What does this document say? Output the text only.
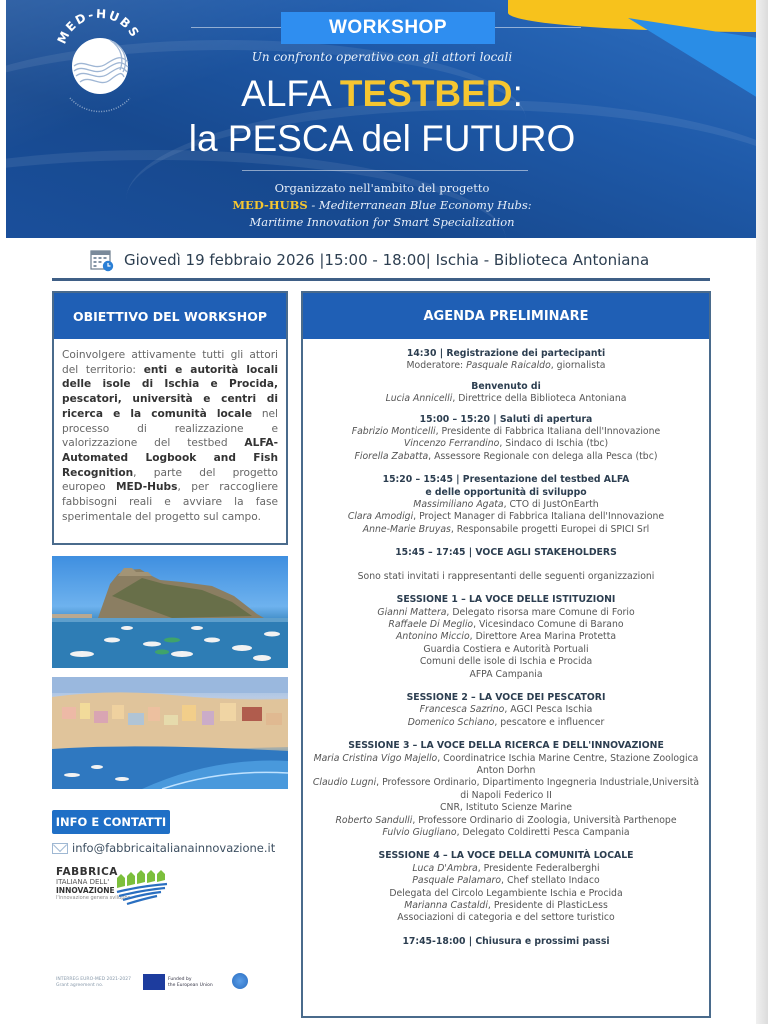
MED-HUBS	WORKSHOP
Un confronto operativo con gli attori locali
ALFA TESTBED:
la PESCA del FUTURO
Organizzato nell'ambito del progetto
MED-HUBS - Mediterranean Blue Economy Hubs:
Maritime Innovation for Smart Specialization
Giovedì 19 febbraio 2026 |15:00 - 18:00| Ischia - Biblioteca Antoniana
OBIETTIVO DEL WORKSHOP
Coinvolgere attivamente tutti gli attori del territorio: enti e autorità locali delle isole di Ischia e Procida, pescatori, università e centri di ricerca e la comunità locale nel processo di realizzazione e valorizzazione del testbed ALFA-Automated Logbook and Fish Recognition, parte del progetto europeo MED-Hubs, per raccogliere fabbisogni reali e avviare la fase sperimentale del progetto sul campo.
INFO E CONTATTI
info@fabbricaitalianainnovazione.it
FABBRICA
ITALIANA DELL'
INNOVAZIONE
l'innovazione genera sviluppo
INTERREG EURO-MED 2021-2027
Grant agreement no.
Funded by
the European Union
AGENDA PRELIMINARE
14:30 | Registrazione dei partecipanti
Moderatore: Pasquale Raicaldo, giornalista
Benvenuto di
Lucia Annicelli, Direttrice della Biblioteca Antoniana
15:00 – 15:20 | Saluti di apertura
Fabrizio Monticelli, Presidente di Fabbrica Italiana dell'Innovazione
Vincenzo Ferrandino, Sindaco di Ischia (tbc)
Fiorella Zabatta, Assessore Regionale con delega alla Pesca (tbc)
15:20 – 15:45 | Presentazione del testbed ALFA
e delle opportunità di sviluppo
Massimiliano Agata, CTO di JustOnEarth
Clara Amodigi, Project Manager di Fabbrica Italiana dell'Innovazione
Anne-Marie Bruyas, Responsabile progetti Europei di SPICI Srl
15:45 – 17:45 | VOCE AGLI STAKEHOLDERS
Sono stati invitati i rappresentanti delle seguenti organizzazioni
SESSIONE 1 – LA VOCE DELLE ISTITUZIONI
Gianni Mattera, Delegato risorsa mare Comune di Forio
Raffaele Di Meglio, Vicesindaco Comune di Barano
Antonino Miccio, Direttore Area Marina Protetta
Guardia Costiera e Autorità Portuali
Comuni delle isole di Ischia e Procida
AFPA Campania
SESSIONE 2 – LA VOCE DEI PESCATORI
Francesca Sazrino, AGCI Pesca Ischia
Domenico Schiano, pescatore e influencer
SESSIONE 3 – LA VOCE DELLA RICERCA E DELL'INNOVAZIONE
Maria Cristina Vigo Majello, Coordinatrice Ischia Marine Centre, Stazione Zoologica
Anton Dorhn
Claudio Lugni, Professore Ordinario, Dipartimento Ingegneria Industriale,Università
di Napoli Federico II
CNR, Istituto Scienze Marine
Roberto Sandulli, Professore Ordinario di Zoologia, Università Parthenope
Fulvio Giugliano, Delegato Coldiretti Pesca Campania
SESSIONE 4 – LA VOCE DELLA COMUNITÀ LOCALE
Luca D'Ambra, Presidente Federalberghi
Pasquale Palamaro, Chef stellato Indaco
Delegata del Circolo Legambiente Ischia e Procida
Marianna Castaldi, Presidente di PlasticLess
Associazioni di categoria e del settore turistico
17:45-18:00 | Chiusura e prossimi passi
